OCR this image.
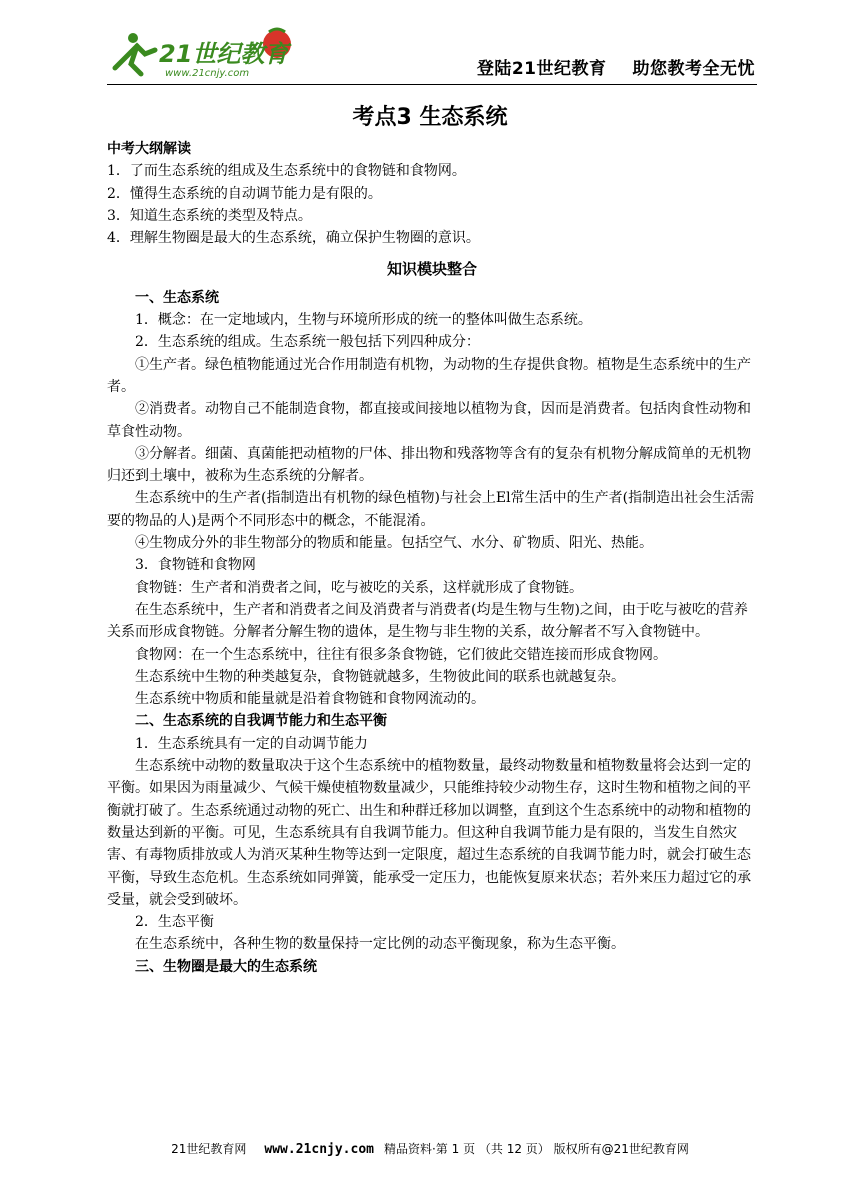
21世纪教育
www.21cnjy.com	登陆21世纪教育 助您教考全无忧
考点3 生态系统

中考大纲解读

1．了而生态系统的组成及生态系统中的食物链和食物网。

2．懂得生态系统的自动调节能力是有限的。

3．知道生态系统的类型及特点。

4．理解生物圈是最大的生态系统，确立保护生物圈的意识。

知识模块整合

一、生态系统

1．概念：在一定地域内，生物与环境所形成的统一的整体叫做生态系统。

2．生态系统的组成。生态系统一般包括下列四种成分：

①生产者。绿色植物能通过光合作用制造有机物，为动物的生存提供食物。植物是生态系统中的生产者。

②消费者。动物自己不能制造食物，都直接或间接地以植物为食，因而是消费者。包括肉食性动物和草食性动物。

③分解者。细菌、真菌能把动植物的尸体、排出物和残落物等含有的复杂有机物分解成简单的无机物归还到土壤中，被称为生态系统的分解者。

生态系统中的生产者(指制造出有机物的绿色植物)与社会上El常生活中的生产者(指制造出社会生活需要的物品的人)是两个不同形态中的概念，不能混淆。

④生物成分外的非生物部分的物质和能量。包括空气、水分、矿物质、阳光、热能。

3．食物链和食物网

食物链：生产者和消费者之间，吃与被吃的关系，这样就形成了食物链。

在生态系统中，生产者和消费者之间及消费者与消费者(均是生物与生物)之间，由于吃与被吃的营养关系而形成食物链。分解者分解生物的遗体，是生物与非生物的关系，故分解者不写入食物链中。

食物网：在一个生态系统中，往往有很多条食物链，它们彼此交错连接而形成食物网。

生态系统中生物的种类越复杂，食物链就越多，生物彼此间的联系也就越复杂。

生态系统中物质和能量就是沿着食物链和食物网流动的。

二、生态系统的自我调节能力和生态平衡

1．生态系统具有一定的自动调节能力

生态系统中动物的数量取决于这个生态系统中的植物数量，最终动物数量和植物数量将会达到一定的平衡。如果因为雨量减少、气候干燥使植物数量减少，只能维持较少动物生存，这时生物和植物之间的平衡就打破了。生态系统通过动物的死亡、出生和种群迁移加以调整，直到这个生态系统中的动物和植物的数量达到新的平衡。可见，生态系统具有自我调节能力。但这种自我调节能力是有限的，当发生自然灾害、有毒物质排放或人为消灭某种生物等达到一定限度，超过生态系统的自我调节能力时，就会打破生态平衡，导致生态危机。生态系统如同弹簧，能承受一定压力，也能恢复原来状态；若外来压力超过它的承受量，就会受到破坏。

2．生态平衡

在生态系统中，各种生物的数量保持一定比例的动态平衡现象，称为生态平衡。

三、生物圈是最大的生态系统

21世纪教育网 www.21cnjy.com 精品资料·第 1 页 （共 12 页） 版权所有@21世纪教育网
